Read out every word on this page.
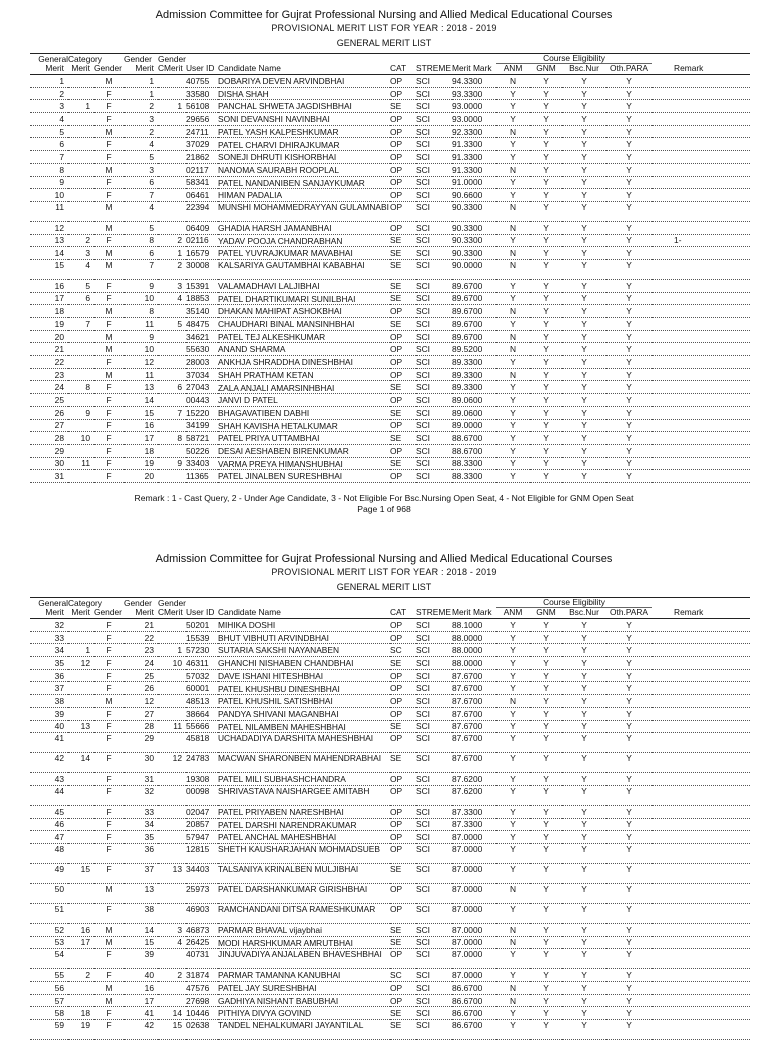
Admission Committee for Gujrat Professional Nursing and Allied Medical Educational Courses
PROVISIONAL MERIT LIST FOR YEAR : 2018 - 2019
GENERAL MERIT LIST
General	Category		Gender	Gender						Course Eligibility				
Merit	Merit	Gender	Merit	CMerit	User ID	Candidate Name	CAT	STREME	Merit Mark	ANM	GNM	Bsc.Nur	Oth.PARA	Remark
1		M	1		40755	DOBARIYA DEVEN ARVINDBHAI	OP	SCI	94.3300	N	Y	Y	Y	
2		F	1		33580	DISHA SHAH	OP	SCI	93.3300	Y	Y	Y	Y	
3	1	F	2	1	56108	PANCHAL SHWETA JAGDISHBHAI	SE	SCI	93.0000	Y	Y	Y	Y	
4		F	3		29656	SONI DEVANSHI NAVINBHAI	OP	SCI	93.0000	Y	Y	Y	Y	
5		M	2		24711	PATEL YASH KALPESHKUMAR	OP	SCI	92.3300	N	Y	Y	Y	
6		F	4		37029	PATEL CHARVI DHIRAJKUMAR	OP	SCI	91.3300	Y	Y	Y	Y	
7		F	5		21862	SONEJI DHRUTI KISHORBHAI	OP	SCI	91.3300	Y	Y	Y	Y	
8		M	3		02117	NANOMA SAURABH ROOPLAL	OP	SCI	91.3300	N	Y	Y	Y	
9		F	6		58341	PATEL NANDANIBEN SANJAYKUMAR	OP	SCI	91.0000	Y	Y	Y	Y	
10		F	7		06461	HIMAN PADALIA	OP	SCI	90.6600	Y	Y	Y	Y	
11		M	4		22394	MUNSHI MOHAMMEDRAYYAN GULAMNABI	OP	SCI	90.3300	N	Y	Y	Y	
12		M	5		06409	GHADIA HARSH JAMANBHAI	OP	SCI	90.3300	N	Y	Y	Y	
13	2	F	8	2	02116	YADAV POOJA CHANDRABHAN	SE	SCI	90.3300	Y	Y	Y	Y	1-
14	3	M	6	1	16579	PATEL YUVRAJKUMAR MAVABHAI	SE	SCI	90.3300	N	Y	Y	Y	
15	4	M	7	2	30008	KALSARIYA GAUTAMBHAI KABABHAI	SE	SCI	90.0000	N	Y	Y	Y	
16	5	F	9	3	15391	VALAMADHAVI LALJIBHAI	SE	SCI	89.6700	Y	Y	Y	Y	
17	6	F	10	4	18853	PATEL DHARTIKUMARI SUNILBHAI	SE	SCI	89.6700	Y	Y	Y	Y	
18		M	8		35140	DHAKAN MAHIPAT ASHOKBHAI	OP	SCI	89.6700	N	Y	Y	Y	
19	7	F	11	5	48475	CHAUDHARI BINAL MANSINHBHAI	SE	SCI	89.6700	Y	Y	Y	Y	
20		M	9		34621	PATEL TEJ ALKESHKUMAR	OP	SCI	89.6700	N	Y	Y	Y	
21		M	10		55630	ANAND SHARMA	OP	SCI	89.5200	N	Y	Y	Y	
22		F	12		28003	ANKHJA SHRADDHA DINESHBHAI	OP	SCI	89.3300	Y	Y	Y	Y	
23		M	11		37034	SHAH PRATHAM KETAN	OP	SCI	89.3300	N	Y	Y	Y	
24	8	F	13	6	27043	ZALA ANJALI AMARSINHBHAI	SE	SCI	89.3300	Y	Y	Y	Y	
25		F	14		00443	JANVI D PATEL	OP	SCI	89.0600	Y	Y	Y	Y	
26	9	F	15	7	15220	BHAGAVATIBEN DABHI	SE	SCI	89.0600	Y	Y	Y	Y	
27		F	16		34199	SHAH KAVISHA HETALKUMAR	OP	SCI	89.0000	Y	Y	Y	Y	
28	10	F	17	8	58721	PATEL PRIYA UTTAMBHAI	SE	SCI	88.6700	Y	Y	Y	Y	
29		F	18		50226	DESAI AESHABEN BIRENKUMAR	OP	SCI	88.6700	Y	Y	Y	Y	
30	11	F	19	9	33403	VARMA PREYA HIMANSHUBHAI	SE	SCI	88.3300	Y	Y	Y	Y	
31		F	20		11365	PATEL JINALBEN SURESHBHAI	OP	SCI	88.3300	Y	Y	Y	Y	
Remark : 1 - Cast Query, 2 - Under Age Candidate, 3 - Not Eligible For Bsc.Nursing Open Seat, 4 - Not Eligible for GNM Open Seat
Page 1 of 968
Admission Committee for Gujrat Professional Nursing and Allied Medical Educational Courses
PROVISIONAL MERIT LIST FOR YEAR : 2018 - 2019
GENERAL MERIT LIST
General	Category		Gender	Gender						Course Eligibility				
Merit	Merit	Gender	Merit	CMerit	User ID	Candidate Name	CAT	STREME	Merit Mark	ANM	GNM	Bsc.Nur	Oth.PARA	Remark
32		F	21		50201	MIHIKA DOSHI	OP	SCI	88.1000	Y	Y	Y	Y	
33		F	22		15539	BHUT VIBHUTI ARVINDBHAI	OP	SCI	88.0000	Y	Y	Y	Y	
34	1	F	23	1	57230	SUTARIA SAKSHI NAYANABEN	SC	SCI	88.0000	Y	Y	Y	Y	
35	12	F	24	10	46311	GHANCHI NISHABEN CHANDBHAI	SE	SCI	88.0000	Y	Y	Y	Y	
36		F	25		57032	DAVE ISHANI HITESHBHAI	OP	SCI	87.6700	Y	Y	Y	Y	
37		F	26		60001	PATEL KHUSHBU DINESHBHAI	OP	SCI	87.6700	Y	Y	Y	Y	
38		M	12		48513	PATEL KHUSHIL SATISHBHAI	OP	SCI	87.6700	N	Y	Y	Y	
39		F	27		38664	PANDYA SHIVANI MAGANBHAI	OP	SCI	87.6700	Y	Y	Y	Y	
40	13	F	28	11	55666	PATEL NILAMBEN MAHESHBHAI	SE	SCI	87.6700	Y	Y	Y	Y	
41		F	29		45818	UCHADADIYA DARSHITA MAHESHBHAI	OP	SCI	87.6700	Y	Y	Y	Y	
42	14	F	30	12	24783	MACWAN SHARONBEN MAHENDRABHAI	SE	SCI	87.6700	Y	Y	Y	Y	
43		F	31		19308	PATEL MILI SUBHASHCHANDRA	OP	SCI	87.6200	Y	Y	Y	Y	
44		F	32		00098	SHRIVASTAVA NAISHARGEE AMITABH	OP	SCI	87.6200	Y	Y	Y	Y	
45		F	33		02047	PATEL PRIYABEN NARESHBHAI	OP	SCI	87.3300	Y	Y	Y	Y	
46		F	34		20857	PATEL DARSHI NARENDRAKUMAR	OP	SCI	87.3300	Y	Y	Y	Y	
47		F	35		57947	PATEL ANCHAL MAHESHBHAI	OP	SCI	87.0000	Y	Y	Y	Y	
48		F	36		12815	SHETH KAUSHARJAHAN MOHMADSUEB	OP	SCI	87.0000	Y	Y	Y	Y	
49	15	F	37	13	34403	TALSANIYA KRINALBEN MULJIBHAI	SE	SCI	87.0000	Y	Y	Y	Y	
50		M	13		25973	PATEL DARSHANKUMAR GIRISHBHAI	OP	SCI	87.0000	N	Y	Y	Y	
51		F	38		46903	RAMCHANDANI DITSA RAMESHKUMAR	OP	SCI	87.0000	Y	Y	Y	Y	
52	16	M	14	3	46873	PARMAR BHAVAL vijaybhai	SE	SCI	87.0000	N	Y	Y	Y	
53	17	M	15	4	26425	MODI HARSHKUMAR AMRUTBHAI	SE	SCI	87.0000	N	Y	Y	Y	
54		F	39		40731	JINJUVADIYA ANJALABEN BHAVESHBHAI	OP	SCI	87.0000	Y	Y	Y	Y	
55	2	F	40	2	31874	PARMAR TAMANNA KANUBHAI	SC	SCI	87.0000	Y	Y	Y	Y	
56		M	16		47576	PATEL JAY SURESHBHAI	OP	SCI	86.6700	N	Y	Y	Y	
57		M	17		27698	GADHIYA NISHANT BABUBHAI	OP	SCI	86.6700	N	Y	Y	Y	
58	18	F	41	14	10446	PITHIYA DIVYA GOVIND	SE	SCI	86.6700	Y	Y	Y	Y	
59	19	F	42	15	02638	TANDEL NEHALKUMARI JAYANTILAL	SE	SCI	86.6700	Y	Y	Y	Y	
